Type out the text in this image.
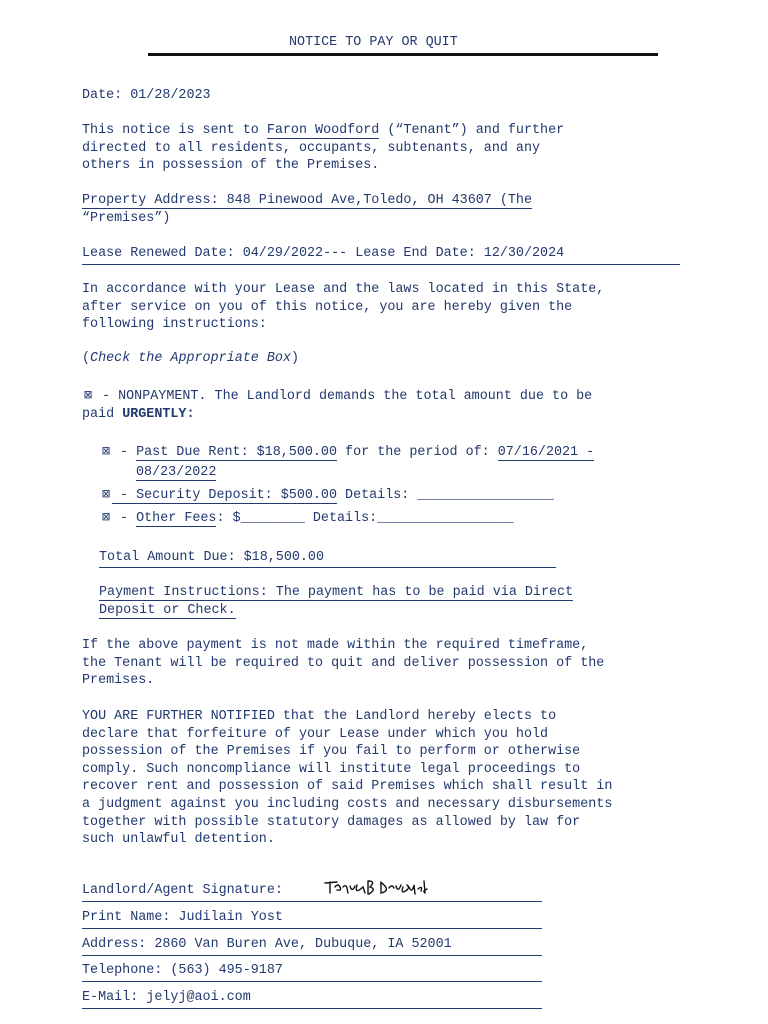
NOTICE TO PAY OR QUIT
Date: 01/28/2023
This notice is sent to Faron Woodford (“Tenant”) and further
directed to all residents, occupants, subtenants, and any
others in possession of the Premises.
Property Address: 848 Pinewood Ave,Toledo, OH 43607 (The
“Premises”)
Lease Renewed Date: 04/29/2022--- Lease End Date: 12/30/2024
In accordance with your Lease and the laws located in this State,
after service on you of this notice, you are hereby given the
following instructions:
(Check the Appropriate Box)
⊠ - NONPAYMENT. The Landlord demands the total amount due to be
paid URGENTLY:
⊠ - Past Due Rent: $18,500.00 for the period of: 07/16/2021 -
08/23/2022
⊠ - Security Deposit: $500.00 Details: _________________
⊠ - Other Fees: $________ Details:_________________
Total Amount Due: $18,500.00
Payment Instructions: The payment has to be paid via Direct
Deposit or Check.
If the above payment is not made within the required timeframe,
the Tenant will be required to quit and deliver possession of the
Premises.
YOU ARE FURTHER NOTIFIED that the Landlord hereby elects to
declare that forfeiture of your Lease under which you hold
possession of the Premises if you fail to perform or otherwise
comply. Such noncompliance will institute legal proceedings to
recover rent and possession of said Premises which shall result in
a judgment against you including costs and necessary disbursements
together with possible statutory damages as allowed by law for
such unlawful detention.
Landlord/Agent Signature:
Print Name: Judilain Yost
Address: 2860 Van Buren Ave, Dubuque, IA 52001
Telephone: (563) 495-9187
E-Mail: jelyj@aoi.com
